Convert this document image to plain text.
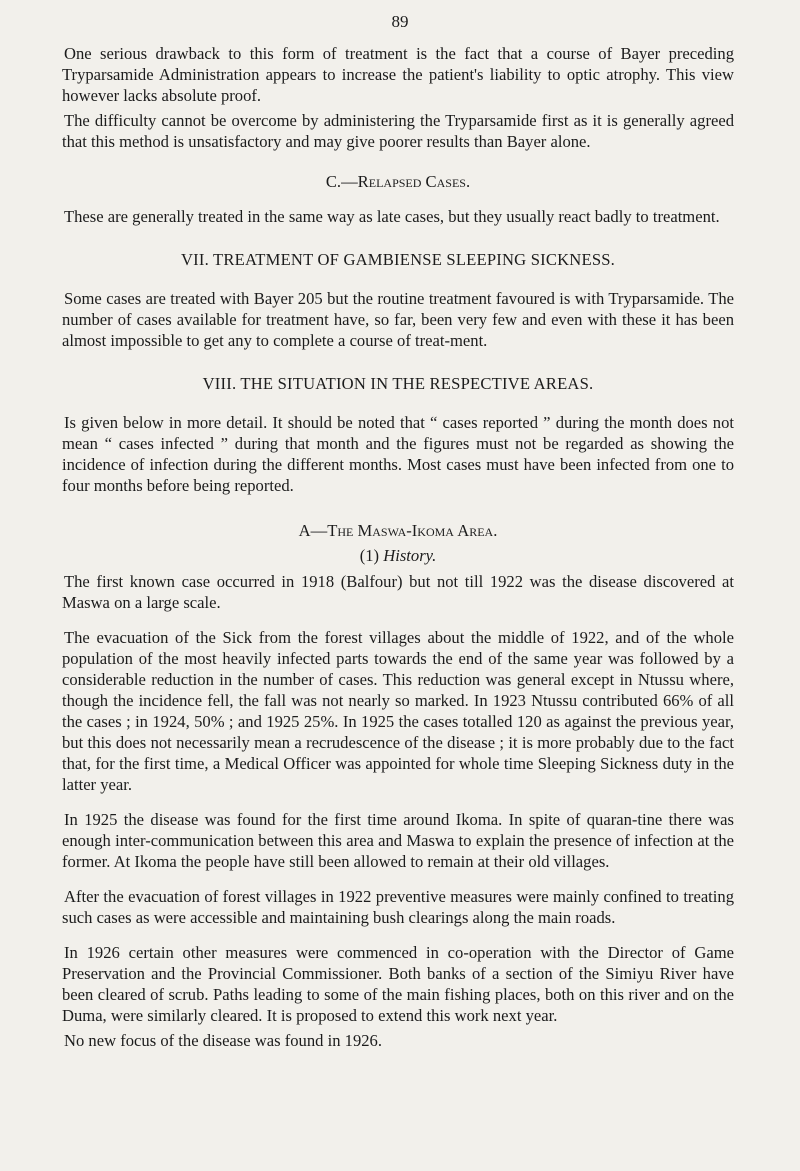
89

One serious drawback to this form of treatment is the fact that a course of Bayer preceding Tryparsamide Administration appears to increase the patient's liability to optic atrophy. This view however lacks absolute proof.

The difficulty cannot be overcome by administering the Tryparsamide first as it is generally agreed that this method is unsatisfactory and may give poorer results than Bayer alone.

C.—Relapsed Cases.

These are generally treated in the same way as late cases, but they usually react badly to treatment.

VII. TREATMENT OF GAMBIENSE SLEEPING SICKNESS.

Some cases are treated with Bayer 205 but the routine treatment favoured is with Tryparsamide. The number of cases available for treatment have, so far, been very few and even with these it has been almost impossible to get any to complete a course of treat-ment.

VIII. THE SITUATION IN THE RESPECTIVE AREAS.

Is given below in more detail. It should be noted that “ cases reported ” during the month does not mean “ cases infected ” during that month and the figures must not be regarded as showing the incidence of infection during the different months. Most cases must have been infected from one to four months before being reported.

A—The Maswa-Ikoma Area.
(1) History.

The first known case occurred in 1918 (Balfour) but not till 1922 was the disease discovered at Maswa on a large scale.

The evacuation of the Sick from the forest villages about the middle of 1922, and of the whole population of the most heavily infected parts towards the end of the same year was followed by a considerable reduction in the number of cases. This reduction was general except in Ntussu where, though the incidence fell, the fall was not nearly so marked. In 1923 Ntussu contributed 66% of all the cases ; in 1924, 50% ; and 1925 25%. In 1925 the cases totalled 120 as against the previous year, but this does not necessarily mean a recrudescence of the disease ; it is more probably due to the fact that, for the first time, a Medical Officer was appointed for whole time Sleeping Sickness duty in the latter year.

In 1925 the disease was found for the first time around Ikoma. In spite of quaran-tine there was enough inter-communication between this area and Maswa to explain the presence of infection at the former. At Ikoma the people have still been allowed to remain at their old villages.

After the evacuation of forest villages in 1922 preventive measures were mainly confined to treating such cases as were accessible and maintaining bush clearings along the main roads.

In 1926 certain other measures were commenced in co-operation with the Director of Game Preservation and the Provincial Commissioner. Both banks of a section of the Simiyu River have been cleared of scrub. Paths leading to some of the main fishing places, both on this river and on the Duma, were similarly cleared. It is proposed to extend this work next year.

No new focus of the disease was found in 1926.
